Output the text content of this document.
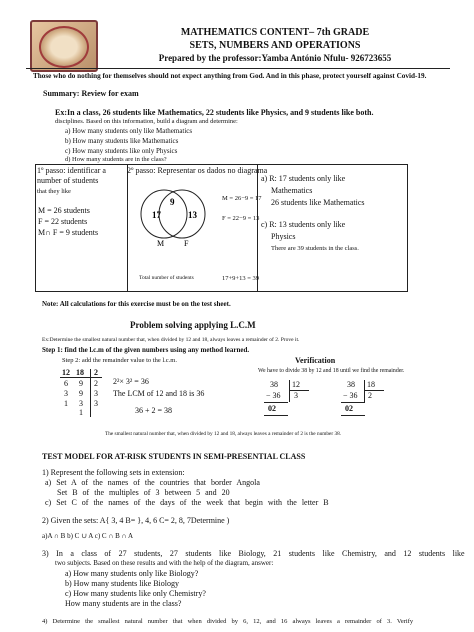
MATHEMATICS CONTENT– 7th GRADE
SETS, NUMBERS AND OPERATIONS
Prepared by the professor:Yamba António Nfulu- 926723655
Those who do nothing for themselves should not expect anything from God. And in this phase, protect yourself against Covid-19.
Summary: Review for exam
Ex:In a class, 26 students like Mathematics, 22 students like Physics, and 9 students like both.
disciplines. Based on this information, build a diagram and determine:
a) How many students only like Mathematics
b) How many students like Mathematics
c) How many students like only Physics
d) How many students are in the class?
1º passo: identificar a
number of students
that they like
M = 26 students
F = 22 students
M∩ F = 9 students
2º passo: Representar os dados no diagrama
17
9
13
M F
Total number of students
M = 26−9 = 17
F = 22−9 = 13
17+9+13 = 39
a) R: 17 students only like
Mathematics
26 students like Mathematics
c) R: 13 students only like
Physics
There are 39 students in the class.
Note: All calculations for this exercise must be on the test sheet.
Problem solving applying L.C.M
Ex:Determine the smallest natural number that, when divided by 12 and 18, always leaves a remainder of 2. Prove it.
Step 1: find the l.c.m of the given numbers using any method learned.
Step 2: add the remainder value to the l.c.m.
12 18 2
6 9 2
3 9 3
1 3 3
1
2²× 3² = 36
The LCM of 12 and 18 is 36
36 + 2 = 38
Verification
We have to divide 38 by 12 and 18 until we find the remainder.
38 12
− 36 3
02
38 18
− 36 2
02
The smallest natural number that, when divided by 12 and 18, always leaves a remainder of 2 is the number 38.
TEST MODEL FOR AT-RISK STUDENTS IN SEMI-PRESENTIAL CLASS
1) Represent the following sets in extension:
a) Set A of the names of the countries that border Angola
Set B of the multiples of 3 between 5 and 20
c) Set C of the names of the days of the week that begin with the letter B
2) Given the sets: A{ 3, 4 B= }, 4, 6 C= 2, 8, 7Determine )
a)A ∩ B b) C ∪ A c) C ∩ B ∩ A
3) In a class of 27 students, 27 students like Biology, 21 students like Chemistry, and 12 students like
two subjects. Based on these results and with the help of the diagram, answer:
a) How many students only like Biology?
b) How many students like Biology
c) How many students like only Chemistry?
How many students are in the class?
4) Determine the smallest natural number that when divided by 6, 12, and 16 always leaves a remainder of 3. Verify
